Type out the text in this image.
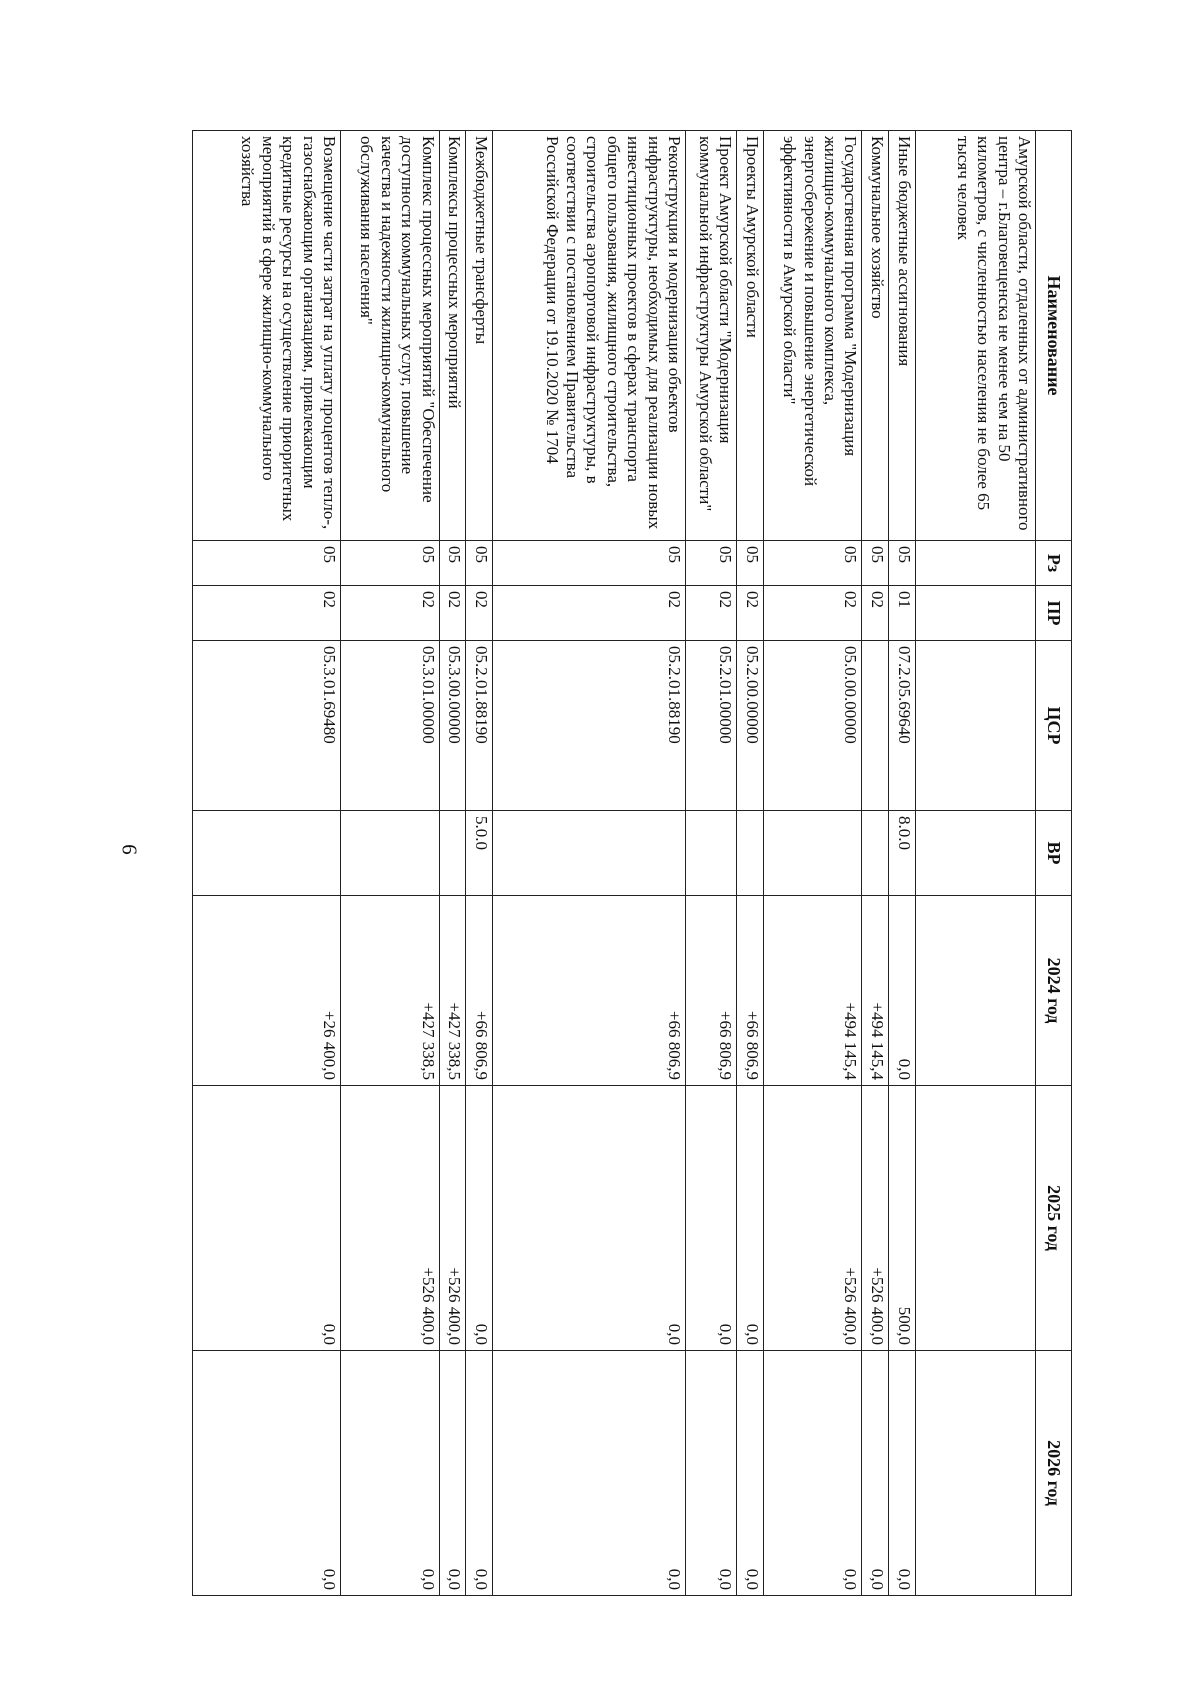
9
Наименование	Рз	ПР	ЦСР	ВР	2024 год	2025 год	2026 год
Амурской области, отдаленных от административного центра – г.Благовещенска не менее чем на 50 километров, с численностью населения не более 65 тысяч человек							
Иные бюджетные ассигнования	05	01	07.2.05.69640	8.0.0	0,0	500,0	0,0
Коммунальное хозяйство	05	02			+494 145,4	+526 400,0	0,0
Государственная программа "Модернизация жилищно-коммунального комплекса, энергосбережение и повышение энергетической эффективности в Амурской области"	05	02	05.0.00.00000		+494 145,4	+526 400,0	0,0
Проекты Амурской области	05	02	05.2.00.00000		+66 806,9	0,0	0,0
Проект Амурской области "Модернизация коммунальной инфраструктуры Амурской области"	05	02	05.2.01.00000		+66 806,9	0,0	0,0
Реконструкция и модернизация объектов инфраструктуры, необходимых для реализации новых инвестиционных проектов в сферах транспорта общего пользования, жилищного строительства, строительства аэропортовой инфраструктуры, в соответствии с постановлением Правительства Российской Федерации от 19.10.2020 № 1704	05	02	05.2.01.88190		+66 806,9	0,0	0,0
Межбюджетные трансферты	05	02	05.2.01.88190	5.0.0	+66 806,9	0,0	0,0
Комплексы процессных мероприятий	05	02	05.3.00.00000		+427 338,5	+526 400,0	0,0
Комплекс процессных мероприятий "Обеспечение доступности коммунальных услуг, повышение качества и надежности жилищно-коммунального обслуживания населения"	05	02	05.3.01.00000		+427 338,5	+526 400,0	0,0
Возмещение части затрат на уплату процентов тепло-, газоснабжающим организациям, привлекающим кредитные ресурсы на осуществление приоритетных мероприятий в сфере жилищно-коммунального хозяйства	05	02	05.3.01.69480		+26 400,0	0,0	0,0
